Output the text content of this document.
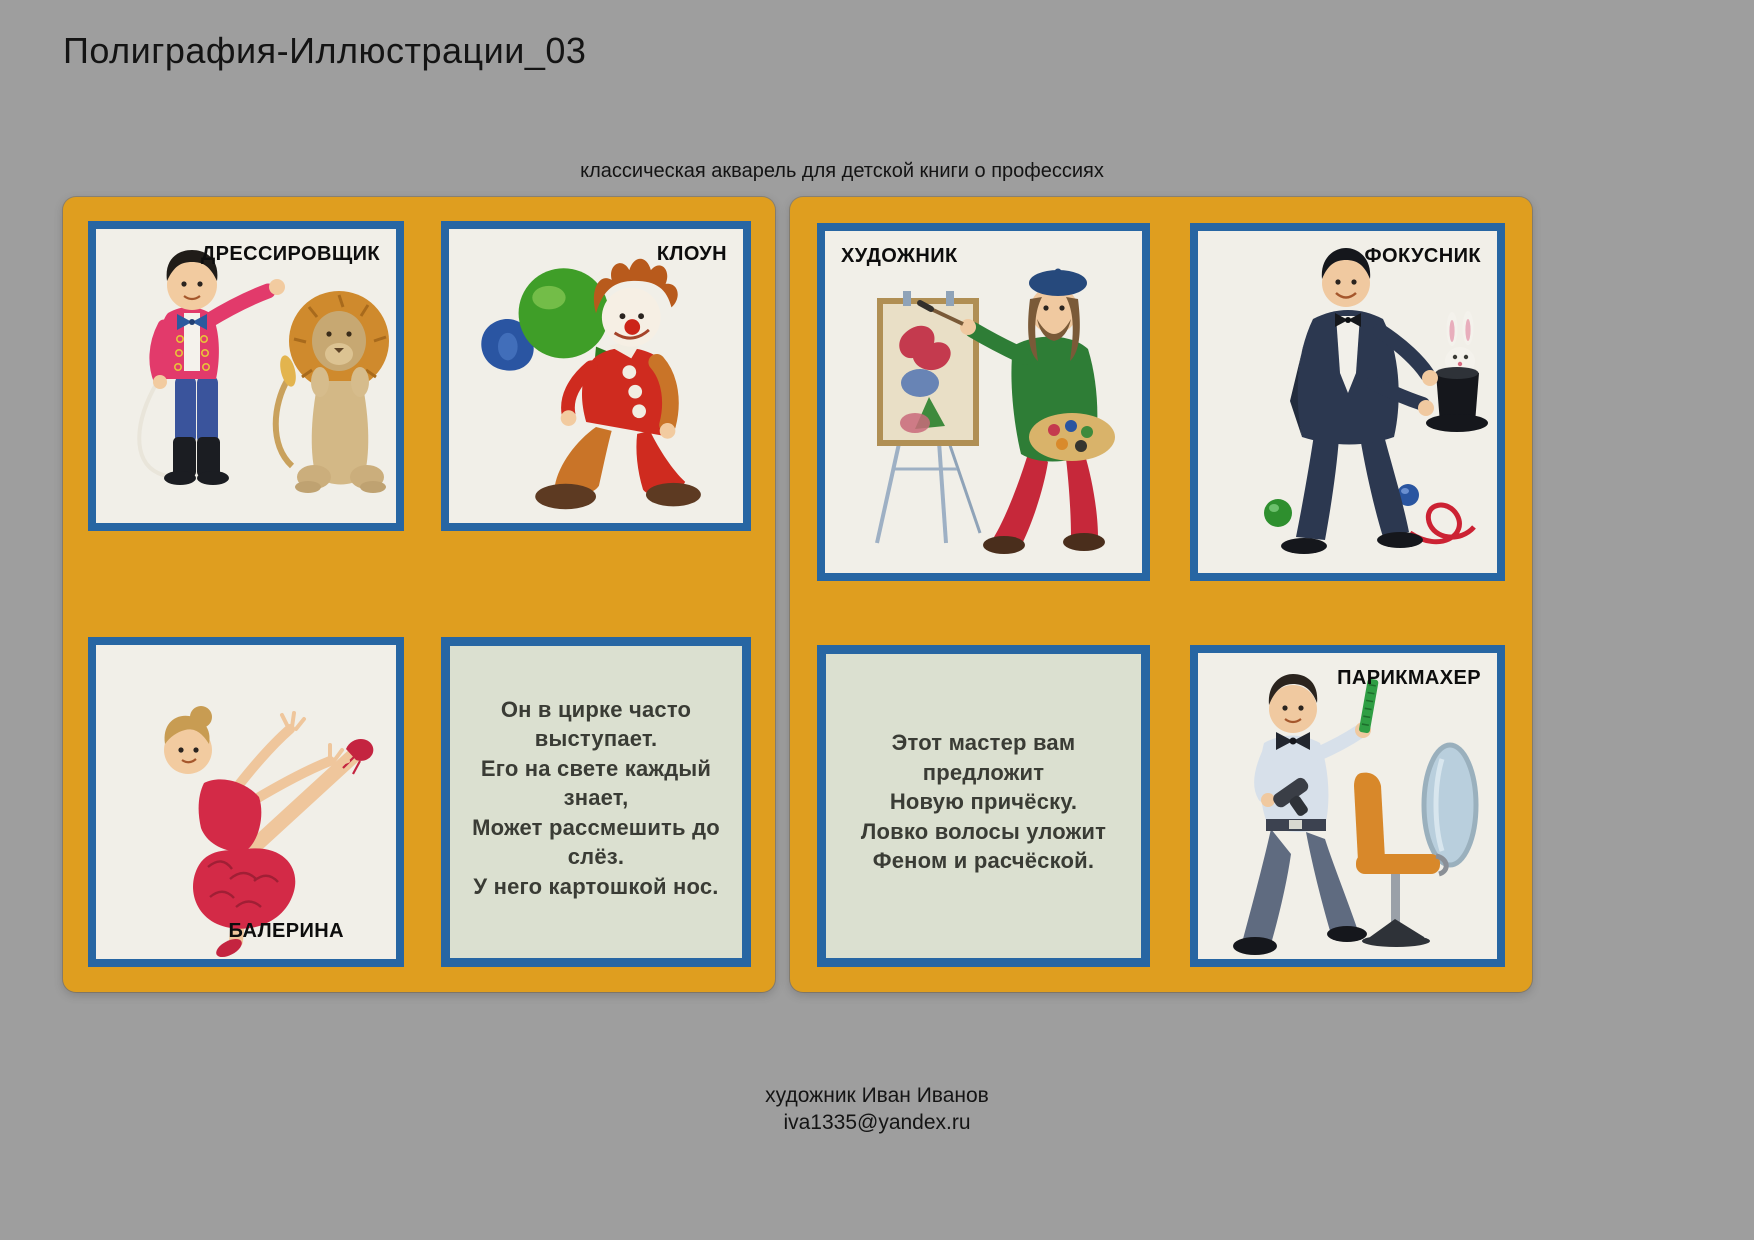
Полиграфия-Иллюстрации_03
классическая акварель для детской книги о профессиях
ДРЕССИРОВЩИК	КЛОУН
БАЛЕРИНА
Он в цирке часто выступает.
Его на свете каждый знает,
Может рассмешить до слёз.
У него картошкой нос.
ХУДОЖНИК	ФОКУСНИК
Этот мастер вам
предложит
Новую причёску.
Ловко волосы уложит
Феном и расчёской.
ПАРИКМАХЕР
художник Иван Иванов
iva1335@yandex.ru
